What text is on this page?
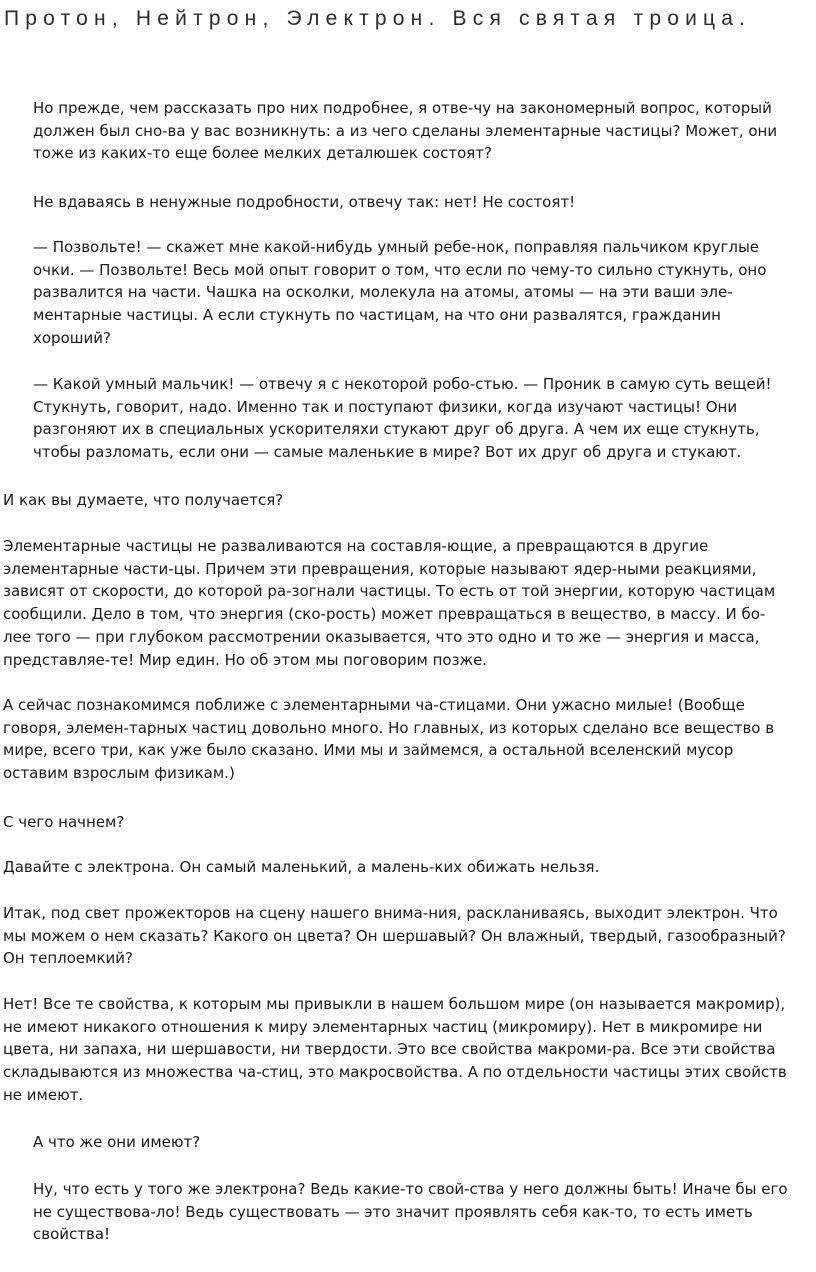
Протон, Нейтрон, Электрон. Вся святая троица.

Но прежде, чем рассказать про них подробнее, я отве-чу на закономерный вопрос, который должен был сно-ва у вас возникнуть: а из чего сделаны элементарные частицы? Может, они тоже из каких-то еще более мелких деталюшек состоят?

Не вдаваясь в ненужные подробности, отвечу так: нет! Не состоят!

— Позвольте! — скажет мне какой-нибудь умный ребе-нок, поправляя пальчиком круглые очки. — Позвольте! Весь мой опыт говорит о том, что если по чему-то сильно стукнуть, оно развалится на части. Чашка на осколки, молекула на атомы, атомы — на эти ваши эле-ментарные частицы. А если стукнуть по частицам, на что они развалятся, гражданин хороший?

— Какой умный мальчик! — отвечу я с некоторой робо-стью. — Проник в самую суть вещей! Стукнуть, говорит, надо. Именно так и поступают физики, когда изучают частицы! Они разгоняют их в специальных ускорителяхи стукают друг об друга. А чем их еще стукнуть, чтобы разломать, если они — самые маленькие в мире? Вот их друг об друга и стукают.

И как вы думаете, что получается?

Элементарные частицы не разваливаются на составля-ющие, а превращаются в другие элементарные части-цы. Причем эти превращения, которые называют ядер-ными реакциями, зависят от скорости, до которой ра-зогнали частицы. То есть от той энергии, которую частицам сообщили. Дело в том, что энергия (ско-рость) может превращаться в вещество, в массу. И бо-лее того — при глубоком рассмотрении оказывается, что это одно и то же — энергия и масса, представляе-те! Мир един. Но об этом мы поговорим позже.

А сейчас познакомимся поближе с элементарными ча-стицами. Они ужасно милые! (Вообще говоря, элемен-тарных частиц довольно много. Но главных, из которых сделано все вещество в мире, всего три, как уже было сказано. Ими мы и займемся, а остальной вселенский мусор оставим взрослым физикам.)

С чего начнем?

Давайте с электрона. Он самый маленький, а малень-ких обижать нельзя.

Итак, под свет прожекторов на сцену нашего внима-ния, раскланиваясь, выходит электрон. Что мы можем о нем сказать? Какого он цвета? Он шершавый? Он влажный, твердый, газообразный? Он теплоемкий?

Нет! Все те свойства, к которым мы привыкли в нашем большом мире (он называется макромир), не имеют никакого отношения к миру элементарных частиц (микромиру). Нет в микромире ни цвета, ни запаха, ни шершавости, ни твердости. Это все свойства макроми-ра. Все эти свойства складываются из множества ча-стиц, это макросвойства. А по отдельности частицы этих свойств не имеют.

А что же они имеют?

Ну, что есть у того же электрона? Ведь какие-то свой-ства у него должны быть! Иначе бы его не существова-ло! Ведь существовать — это значит проявлять себя как-то, то есть иметь свойства!
